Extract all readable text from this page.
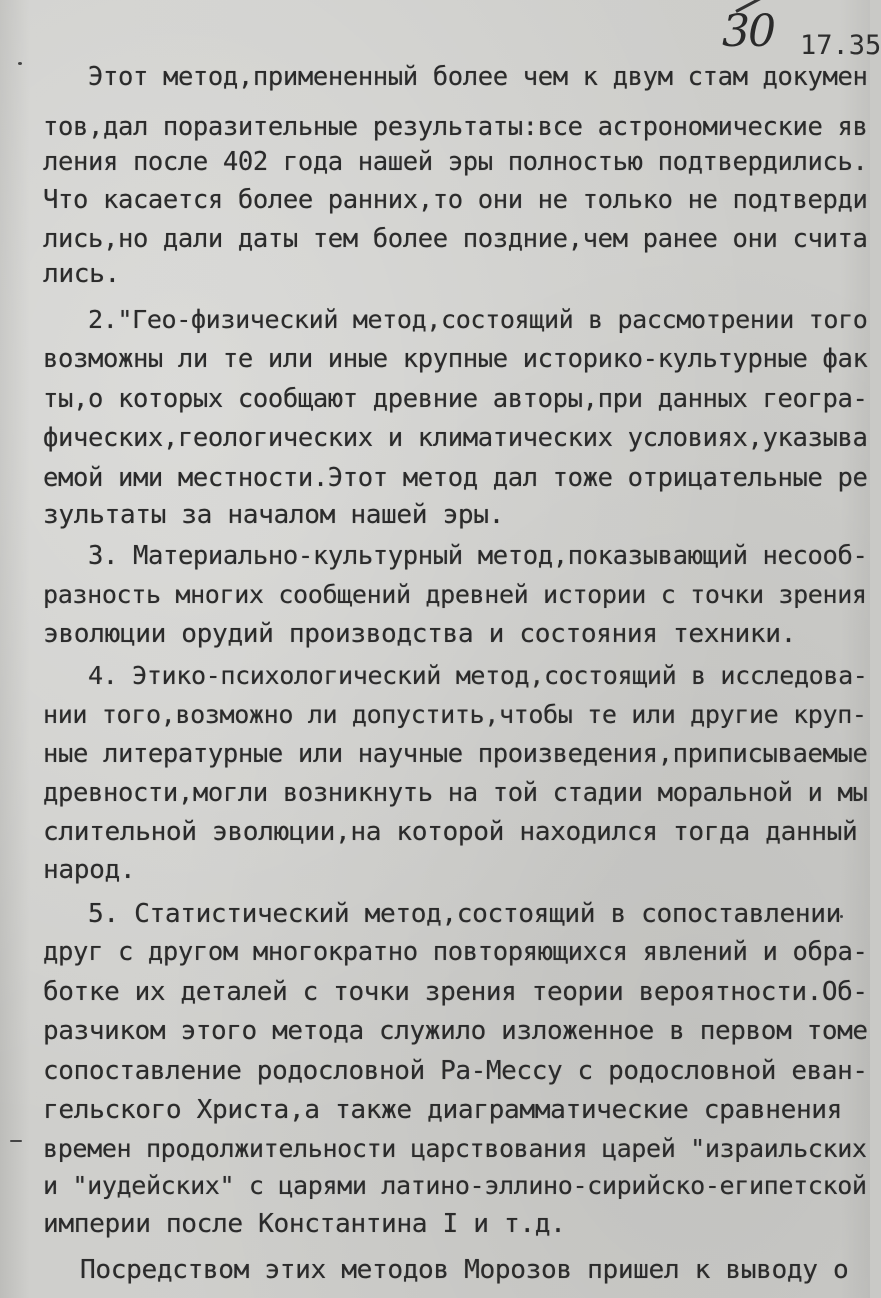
30 17.35
Этот метод,примененный более чем к двум стам докумен
тов,дал поразительные результаты:все астрономические яв
ления после 402 года нашей эры полностью подтвердились.
Что касается более ранних,то они не только не подтверди
лись,но дали даты тем более поздние,чем ранее они счита
лись.
2."Гео-физический метод,состоящий в рассмотрении того
возможны ли те или иные крупные историко-культурные фак
ты,о которых сообщают древние авторы,при данных геогра-
фических,геологических и климатических условиях,указыва
емой ими местности.Этот метод дал тоже отрицательные ре
зультаты за началом нашей эры.
3. Материально-культурный метод,показывающий несооб-
разность многих сообщений древней истории с точки зрения
эволюции орудий производства и состояния техники.
4. Этико-психологический метод,состоящий в исследова-
нии того,возможно ли допустить,чтобы те или другие круп-
ные литературные или научные произведения,приписываемые
древности,могли возникнуть на той стадии моральной и мы
слительной эволюции,на которой находился тогда данный
народ.
5. Статистический метод,состоящий в сопоставлении
друг с другом многократно повторяющихся явлений и обра-
ботке их деталей с точки зрения теории вероятности.Об-
разчиком этого метода служило изложенное в первом томе
сопоставление родословной Ра-Мессу с родословной еван-
гельского Христа,а также диаграмматические сравнения
времен продолжительности царствования царей "израильских
и "иудейских" с царями латино-эллино-сирийско-египетской
империи после Константина I и т.д.
Посредством этих методов Морозов пришел к выводу о
